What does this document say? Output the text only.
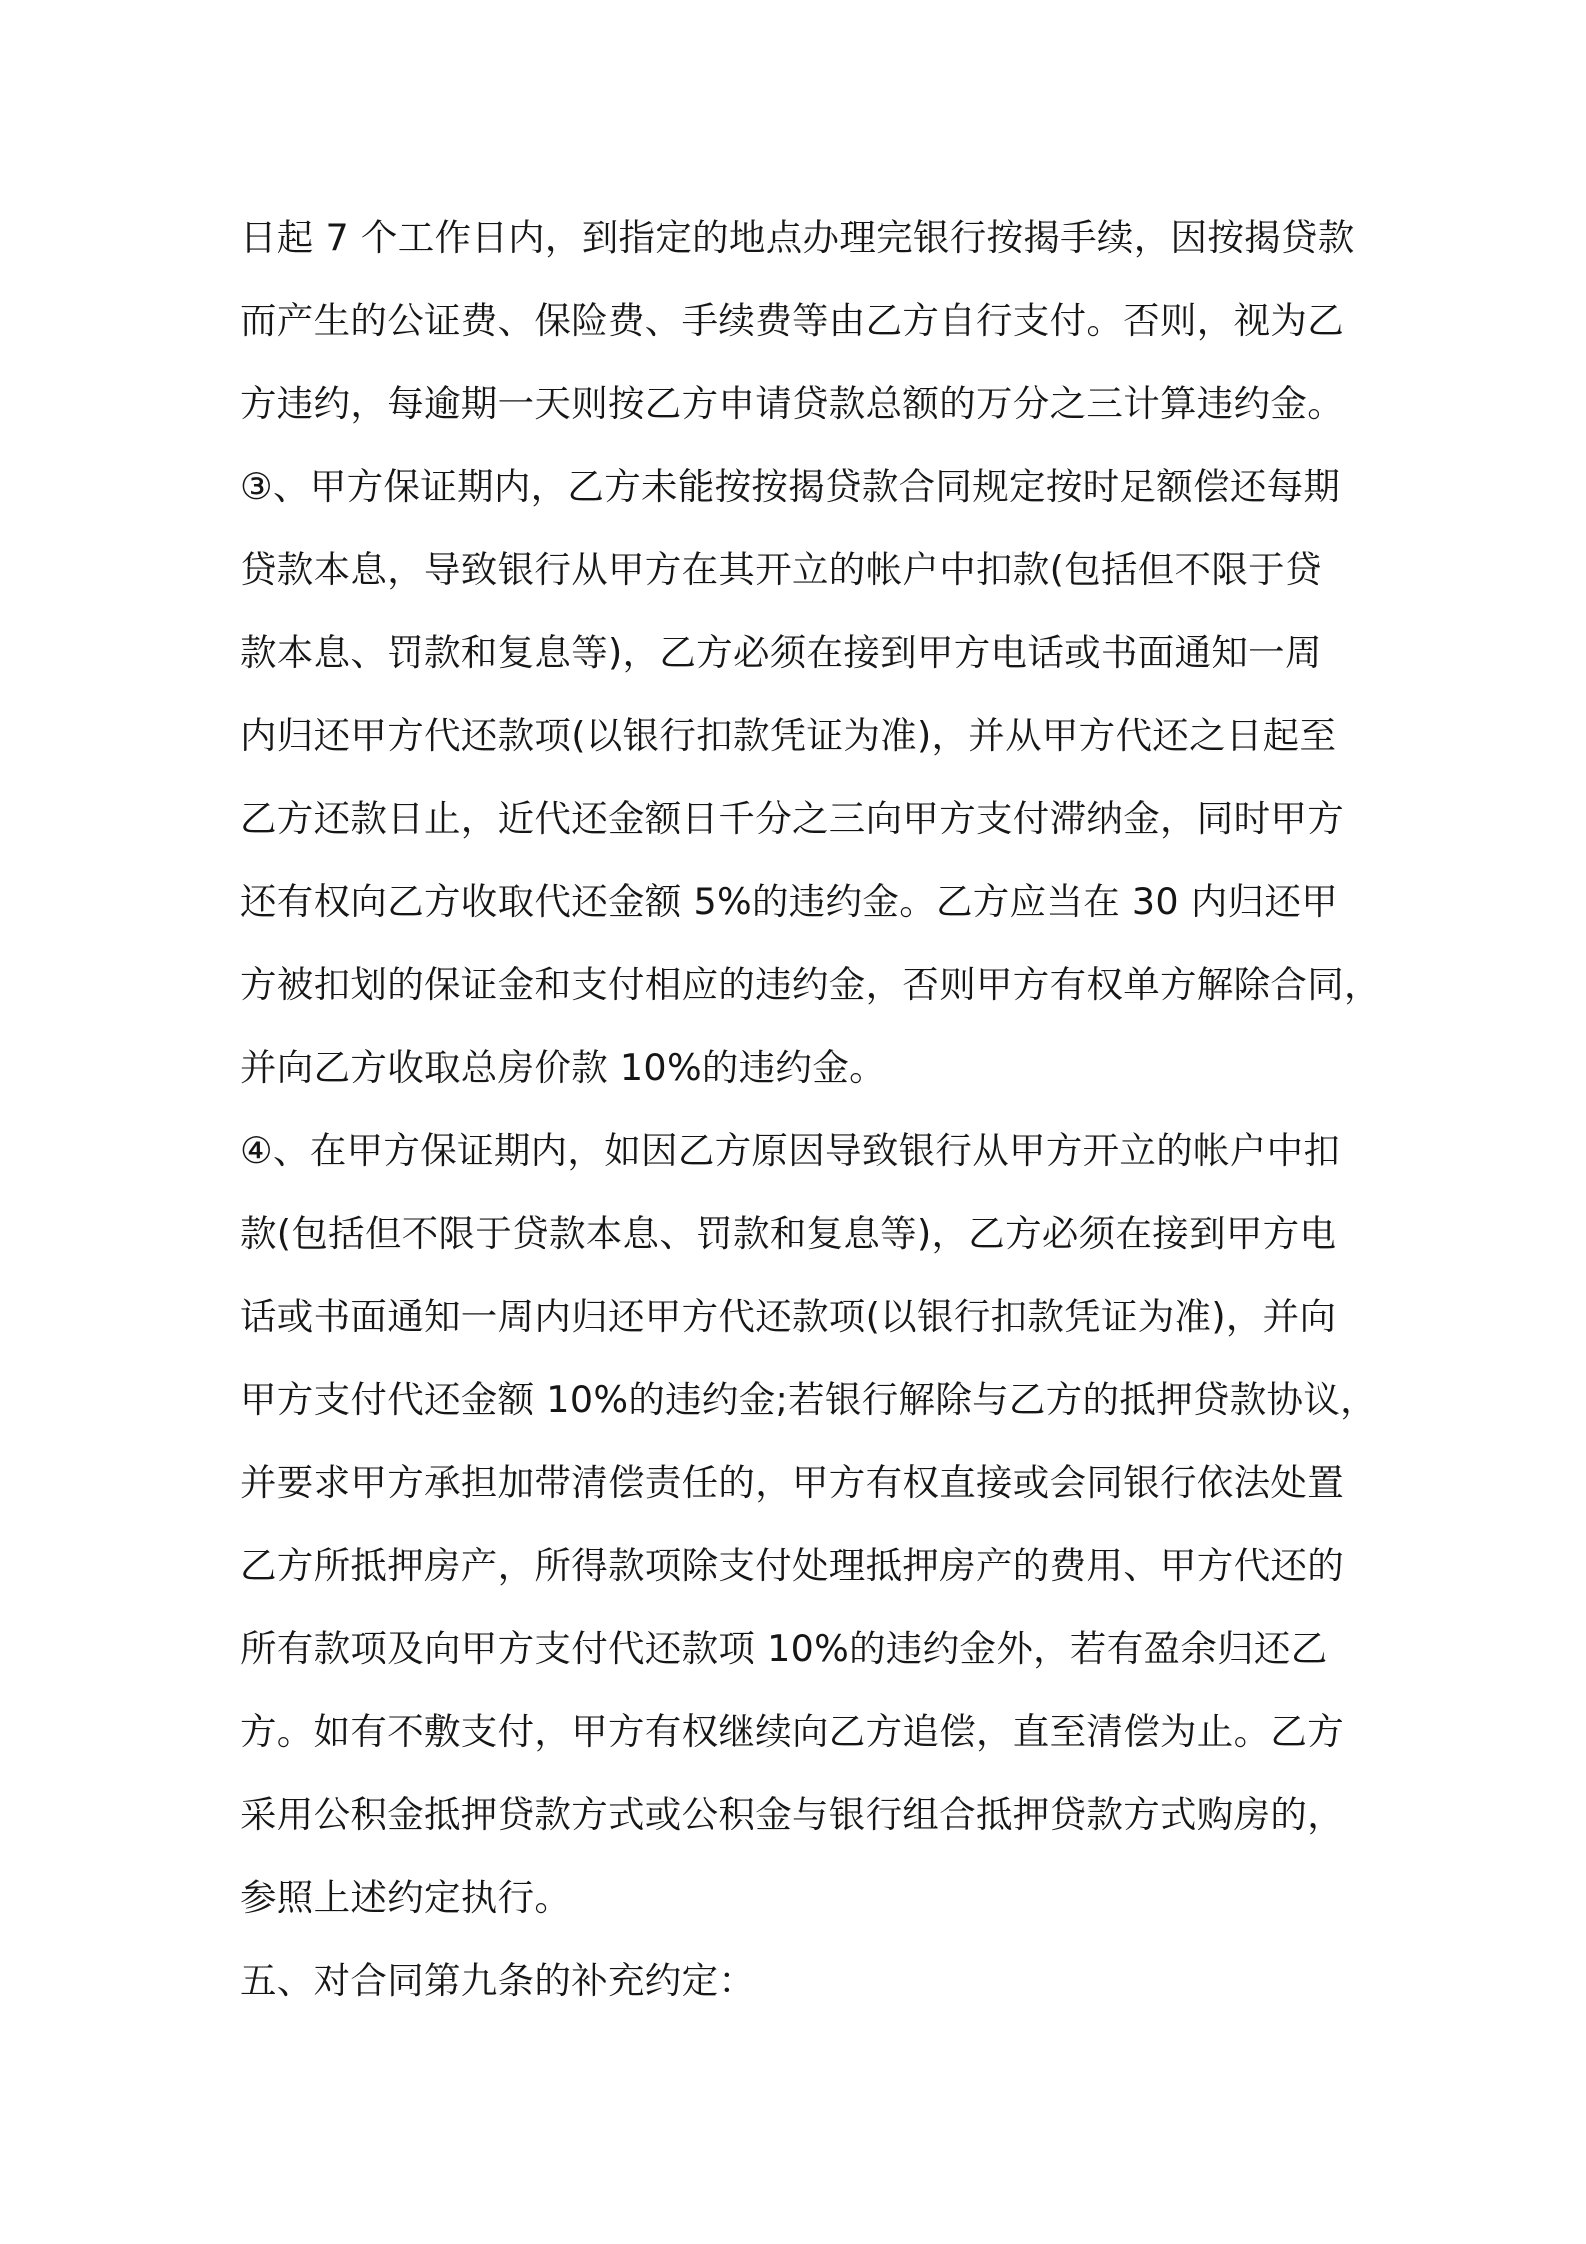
日起 7 个工作日内，到指定的地点办理完银行按揭手续，因按揭贷款
而产生的公证费、保险费、手续费等由乙方自行支付。否则，视为乙
方违约，每逾期一天则按乙方申请贷款总额的万分之三计算违约金。
③、甲方保证期内，乙方未能按按揭贷款合同规定按时足额偿还每期
贷款本息，导致银行从甲方在其开立的帐户中扣款(包括但不限于贷
款本息、罚款和复息等)，乙方必须在接到甲方电话或书面通知一周
内归还甲方代还款项(以银行扣款凭证为准)，并从甲方代还之日起至
乙方还款日止，近代还金额日千分之三向甲方支付滞纳金，同时甲方
还有权向乙方收取代还金额 5%的违约金。乙方应当在 30 内归还甲
方被扣划的保证金和支付相应的违约金，否则甲方有权单方解除合同，
并向乙方收取总房价款 10%的违约金。
④、在甲方保证期内，如因乙方原因导致银行从甲方开立的帐户中扣
款(包括但不限于贷款本息、罚款和复息等)，乙方必须在接到甲方电
话或书面通知一周内归还甲方代还款项(以银行扣款凭证为准)，并向
甲方支付代还金额 10%的违约金;若银行解除与乙方的抵押贷款协议，
并要求甲方承担加带清偿责任的，甲方有权直接或会同银行依法处置
乙方所抵押房产，所得款项除支付处理抵押房产的费用、甲方代还的
所有款项及向甲方支付代还款项 10%的违约金外，若有盈余归还乙
方。如有不敷支付，甲方有权继续向乙方追偿，直至清偿为止。乙方
采用公积金抵押贷款方式或公积金与银行组合抵押贷款方式购房的，
参照上述约定执行。
五、对合同第九条的补充约定：
